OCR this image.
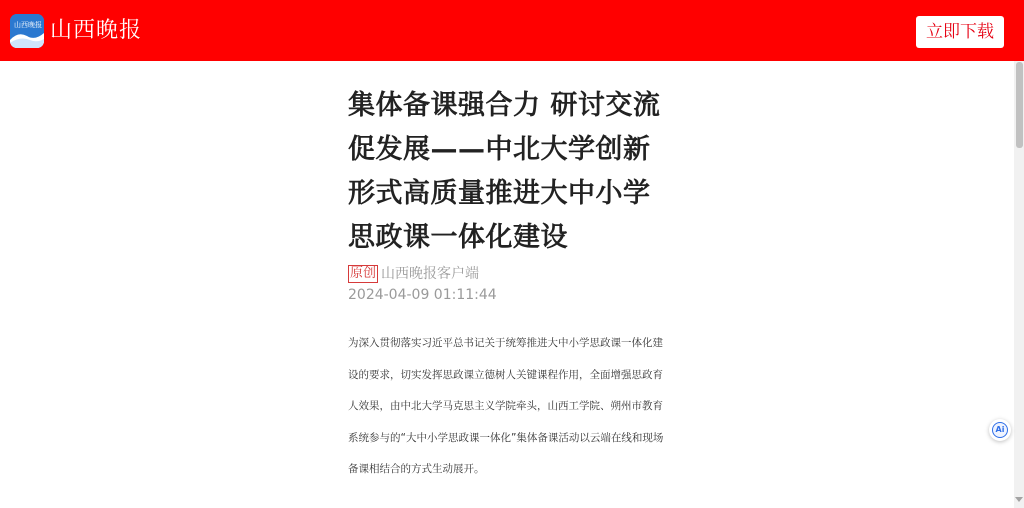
山西晚报 山西晚报	立即下载
集体备课强合力 研讨交流促发展——中北大学创新形式高质量推进大中小学思政课一体化建设
原创 山西晚报客户端
2024-04-09 01:11:44
为深入贯彻落实习近平总书记关于统筹推进大中小学思政课一体化建设的要求，切实发挥思政课立德树人关键课程作用，全面增强思政育人效果，由中北大学马克思主义学院牵头，山西工学院、朔州市教育系统参与的“大中小学思政课一体化”集体备课活动以云端在线和现场备课相结合的方式生动展开。
Ai
